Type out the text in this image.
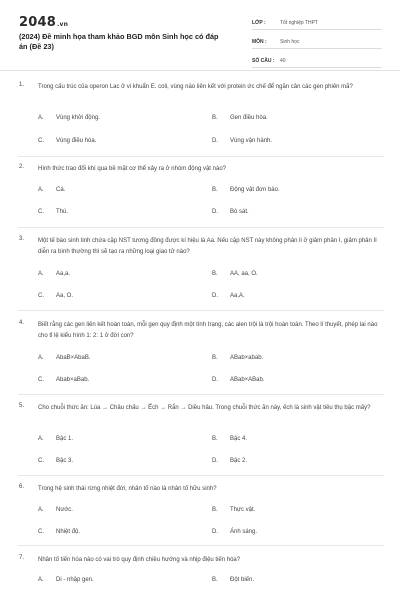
2048.vn
(2024) Đề minh họa tham khảo BGD môn Sinh học có đáp án (Đề 23)
LỚP :	Tốt nghiệp THPT
MÔN :	Sinh học
SỐ CÂU :	40
1. Trong cấu trúc của operon Lac ở vi khuẩn E. coli, vùng nào liên kết với protein ức chế để ngăn cản các gen phiên mã?
A. Vùng khởi động.	B. Gen điều hòa.
C. Vùng điều hòa.	D. Vùng vận hành.
2. Hình thức trao đổi khí qua bề mặt cơ thể xảy ra ở nhóm động vật nào?
A. Cá.	B. Động vật đơn bào.
C. Thú.	D. Bò sát.
3. Một tế bào sinh tinh chứa cặp NST tương đồng được kí hiệu là Aa. Nếu cặp NST này không phân li ở giảm phân I, giảm phân II diễn ra bình thường thì sẽ tạo ra những loại giao tử nào?
A. Aa,a.	B. AA, aa, O.
C. Aa, O.	D. Aa,A.
4. Biết rằng các gen liên kết hoàn toàn, mỗi gen quy định một tính trạng, các alen trội là trội hoàn toàn. Theo lí thuyết, phép lai nào cho tỉ lệ kiểu hình 1: 2: 1 ở đời con?
A. AbaB×AbaB.	B. ABab×abab.
C. Abab×aBab.	D. ABab×ABab.
5. Cho chuỗi thức ăn: Lúa → Châu chấu → Ếch → Rắn → Diều hâu. Trong chuỗi thức ăn này, ếch là sinh vật tiêu thụ bậc mấy?
A. Bậc 1.	B. Bậc 4.
C. Bậc 3.	D. Bậc 2.
6. Trong hệ sinh thái rừng nhiệt đới, nhân tố nào là nhân tố hữu sinh?
A. Nước.	B. Thực vật.
C. Nhiệt độ.	D. Ánh sáng.
7. Nhân tố tiến hóa nào có vai trò quy định chiều hướng và nhịp điệu tiến hóa?
A. Di - nhập gen.	B. Đột biến.
